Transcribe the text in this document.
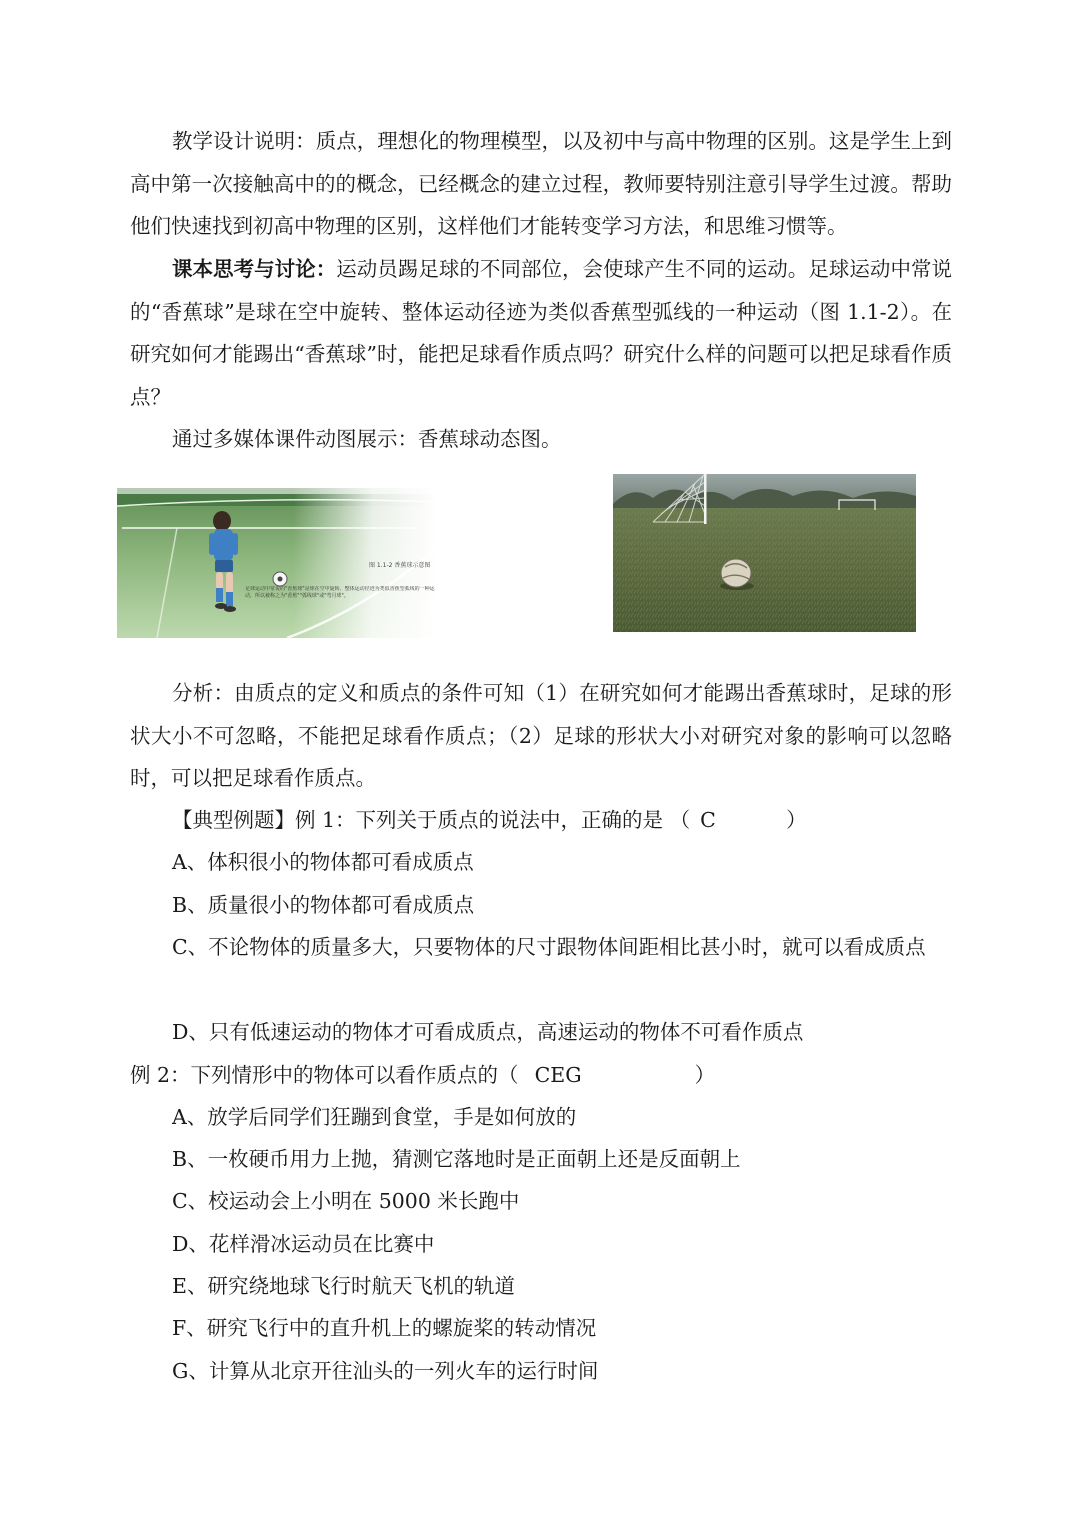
教学设计说明：质点，理想化的物理模型，以及初中与高中物理的区别。这是学生上到高中第一次接触高中的的概念，已经概念的建立过程，教师要特别注意引导学生过渡。帮助他们快速找到初高中物理的区别，这样他们才能转变学习方法，和思维习惯等。

课本思考与讨论：运动员踢足球的不同部位，会使球产生不同的运动。足球运动中常说的“香蕉球”是球在空中旋转、整体运动径迹为类似香蕉型弧线的一种运动（图 1.1-2）。在研究如何才能踢出“香蕉球”时，能把足球看作质点吗？研究什么样的问题可以把足球看作质点？

通过多媒体课件动图展示：香蕉球动态图。

图 1.1-2 香蕉球示意图
足球运动中常说的"香蕉球"是球在空中旋转、整体运动径迹为类似香蕉型弧线的一种运动，所以被称之为"香蕉""弧线球"或"弯月球"。

分析：由质点的定义和质点的条件可知（1）在研究如何才能踢出香蕉球时，足球的形状大小不可忽略，不能把足球看作质点；（2）足球的形状大小对研究对象的影响可以忽略时，可以把足球看作质点。

【典型例题】例 1：下列关于质点的说法中，正确的是 （ C	）

A、体积很小的物体都可看成质点

B、质量很小的物体都可看成质点

C、不论物体的质量多大，只要物体的尺寸跟物体间距相比甚小时，就可以看成质点

D、只有低速运动的物体才可看成质点，高速运动的物体不可看作质点

例 2：下列情形中的物体可以看作质点的（ CEG	）

A、放学后同学们狂蹦到食堂，手是如何放的

B、一枚硬币用力上抛，猜测它落地时是正面朝上还是反面朝上

C、校运动会上小明在 5000 米长跑中

D、花样滑冰运动员在比赛中

E、研究绕地球飞行时航天飞机的轨道

F、研究飞行中的直升机上的螺旋桨的转动情况

G、计算从北京开往汕头的一列火车的运行时间
